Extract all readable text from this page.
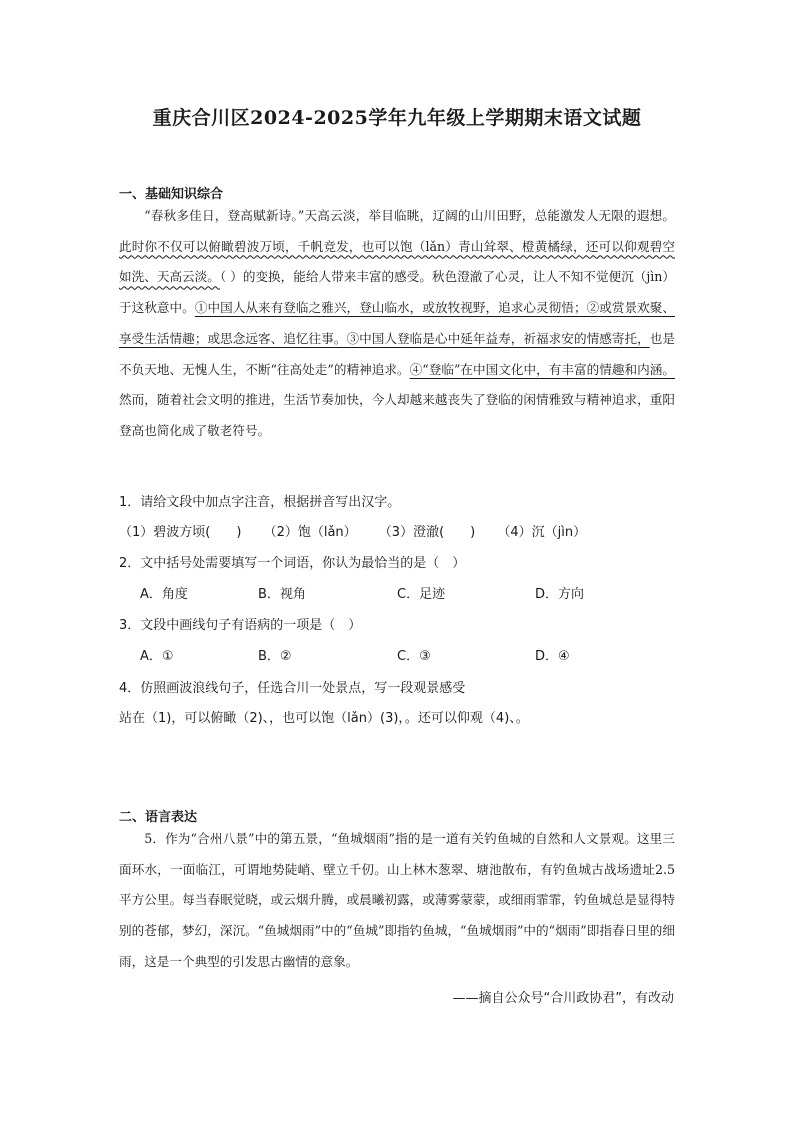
重庆合川区2024-2025学年九年级上学期期末语文试题
一、基础知识综合

“春秋多佳日，登高赋新诗。”天高云淡，举目临眺，辽阔的山川田野，总能激发人无限的遐想。此时你不仅可以俯瞰碧波万顷，千帆竞发，也可以饱（lǎn）青山耸翠、橙黄橘绿，还可以仰观碧空如洗、天高云淡。（ ）的变换，能给人带来丰富的感受。秋色澄澈了心灵，让人不知不觉便沉（jìn）于这秋意中。①中国人从来有登临之雅兴，登山临水，或放牧视野，追求心灵彻悟；②或赏景欢聚、享受生活情趣；或思念远客、追忆往事。③中国人登临是心中延年益寿，祈福求安的情感寄托，也是不负天地、无愧人生，不断“往高处走”的精神追求。④“登临”在中国文化中，有丰富的情趣和内涵。然而，随着社会文明的推进，生活节奏加快，今人却越来越丧失了登临的闲情雅致与精神追求，重阳登高也简化成了敬老符号。

1．请给文段中加点字注音，根据拼音写出汉字。
（1）碧波方顷(　　) （2）饱（lǎn） （3）澄澈(　　) （4）沉（jìn）
2．文中括号处需要填写一个词语，你认为最恰当的是（　）
A．角度	B．视角	C．足迹	D．方向
3．文段中画线句子有语病的一项是（　）
A．①	B．②	C．③	D．④
4．仿照画波浪线句子，任选合川一处景点，写一段观景感受
站在（1)，可以俯瞰（2)、，也可以饱（lǎn）(3)，。还可以仰观（4)、。
二、语言表达

5．作为“合州八景”中的第五景，“鱼城烟雨”指的是一道有关钓鱼城的自然和人文景观。这里三面环水，一面临江，可谓地势陡峭、壁立千仞。山上林木葱翠、塘池散布，有钓鱼城古战场遗址2.5平方公里。每当春眠觉晓，或云烟升腾，或晨曦初露，或薄雾蒙蒙，或细雨霏霏，钓鱼城总是显得特别的苍郁，梦幻，深沉。“鱼城烟雨”中的“鱼城”即指钓鱼城，“鱼城烟雨”中的“烟雨”即指春日里的细雨，这是一个典型的引发思古幽情的意象。

——摘自公众号“合川政协君”，有改动
